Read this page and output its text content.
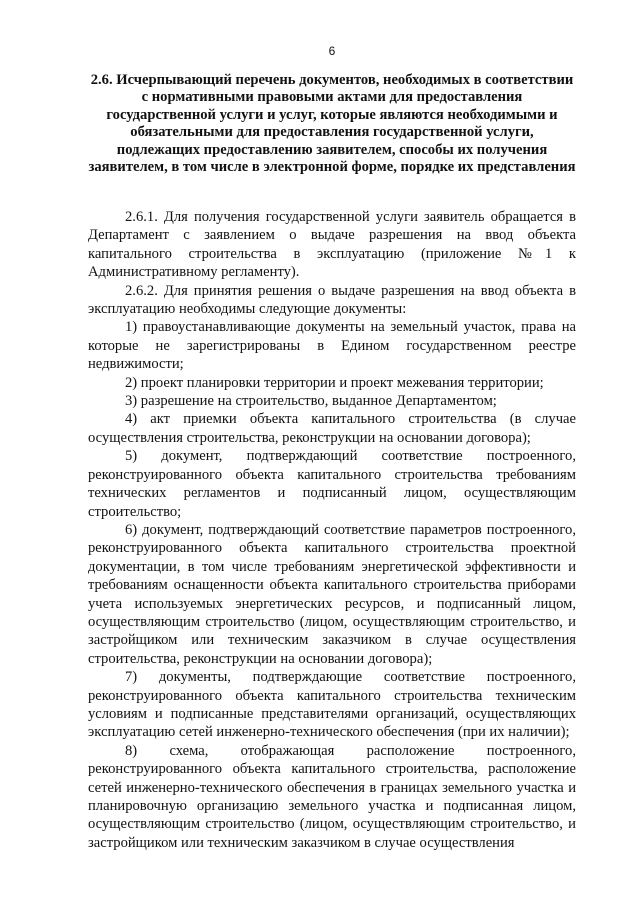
6
2.6. Исчерпывающий перечень документов, необходимых в соответствии с нормативными правовыми актами для предоставления государственной услуги и услуг, которые являются необходимыми и обязательными для предоставления государственной услуги, подлежащих предоставлению заявителем, способы их получения заявителем, в том числе в электронной форме, порядке их представления

2.6.1. Для получения государственной услуги заявитель обращается в Департамент с заявлением о выдаче разрешения на ввод объекта капитального строительства в эксплуатацию (приложение №1 к Административному регламенту).

2.6.2. Для принятия решения о выдаче разрешения на ввод объекта в эксплуатацию необходимы следующие документы:

1) правоустанавливающие документы на земельный участок, права на которые не зарегистрированы в Едином государственном реестре недвижимости;

2) проект планировки территории и проект межевания территории;

3) разрешение на строительство, выданное Департаментом;

4) акт приемки объекта капитального строительства (в случае осуществления строительства, реконструкции на основании договора);

5) документ, подтверждающий соответствие построенного, реконструированного объекта капитального строительства требованиям технических регламентов и подписанный лицом, осуществляющим строительство;

6) документ, подтверждающий соответствие параметров построенного, реконструированного объекта капитального строительства проектной документации, в том числе требованиям энергетической эффективности и требованиям оснащенности объекта капитального строительства приборами учета используемых энергетических ресурсов, и подписанный лицом, осуществляющим строительство (лицом, осуществляющим строительство, и застройщиком или техническим заказчиком в случае осуществления строительства, реконструкции на основании договора);

7) документы, подтверждающие соответствие построенного, реконструированного объекта капитального строительства техническим условиям и подписанные представителями организаций, осуществляющих эксплуатацию сетей инженерно-технического обеспечения (при их наличии);

8) схема, отображающая расположение построенного, реконструированного объекта капитального строительства, расположение сетей инженерно-технического обеспечения в границах земельного участка и планировочную организацию земельного участка и подписанная лицом, осуществляющим строительство (лицом, осуществляющим строительство, и застройщиком или техническим заказчиком в случае осуществления
